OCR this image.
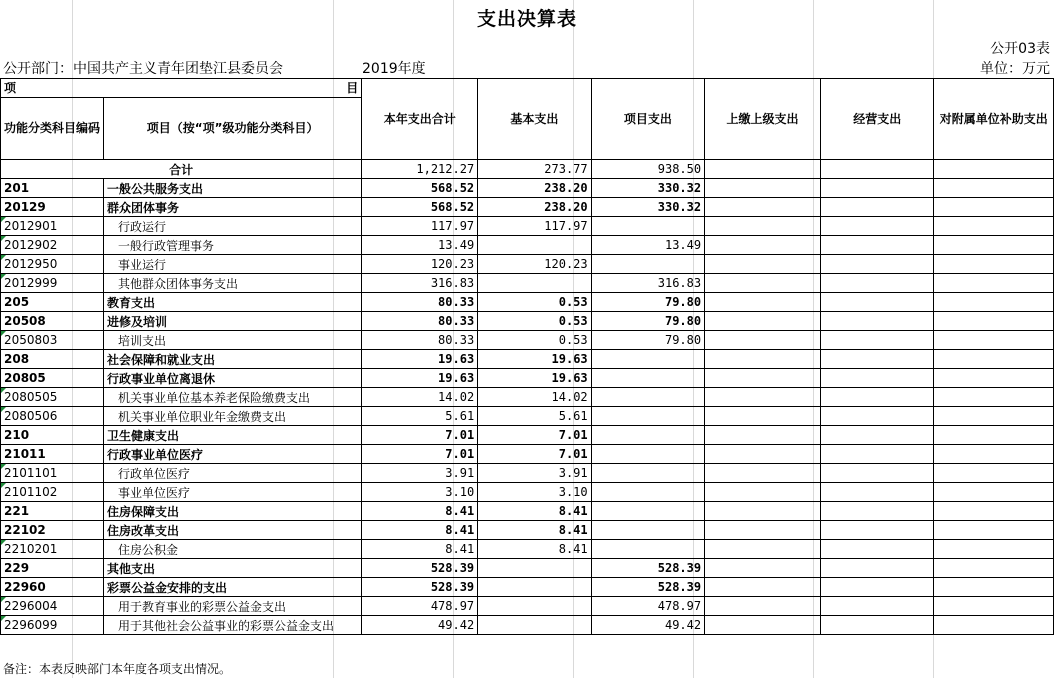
支出决算表
公开03表
公开部门：中国共产主义青年团垫江县委员会	2019年度	单位：万元
项 目		本年支出合计	基本支出	项目支出	上缴上级支出	经营支出	对附属单位补助支出
功能分类科目编码	项目（按“项”级功能分类科目）						
合计		1,212.27	273.77	938.50			
201	一般公共服务支出	568.52	238.20	330.32			
20129	群众团体事务	568.52	238.20	330.32			
2012901	行政运行	117.97	117.97				
2012902	一般行政管理事务	13.49		13.49			
2012950	事业运行	120.23	120.23				
2012999	其他群众团体事务支出	316.83		316.83			
205	教育支出	80.33	0.53	79.80			
20508	进修及培训	80.33	0.53	79.80			
2050803	培训支出	80.33	0.53	79.80			
208	社会保障和就业支出	19.63	19.63				
20805	行政事业单位离退休	19.63	19.63				
2080505	机关事业单位基本养老保险缴费支出	14.02	14.02				
2080506	机关事业单位职业年金缴费支出	5.61	5.61				
210	卫生健康支出	7.01	7.01				
21011	行政事业单位医疗	7.01	7.01				
2101101	行政单位医疗	3.91	3.91				
2101102	事业单位医疗	3.10	3.10				
221	住房保障支出	8.41	8.41				
22102	住房改革支出	8.41	8.41				
2210201	住房公积金	8.41	8.41				
229	其他支出	528.39		528.39			
22960	彩票公益金安排的支出	528.39		528.39			
2296004	用于教育事业的彩票公益金支出	478.97		478.97			
2296099	用于其他社会公益事业的彩票公益金支出	49.42		49.42			
备注：本表反映部门本年度各项支出情况。
